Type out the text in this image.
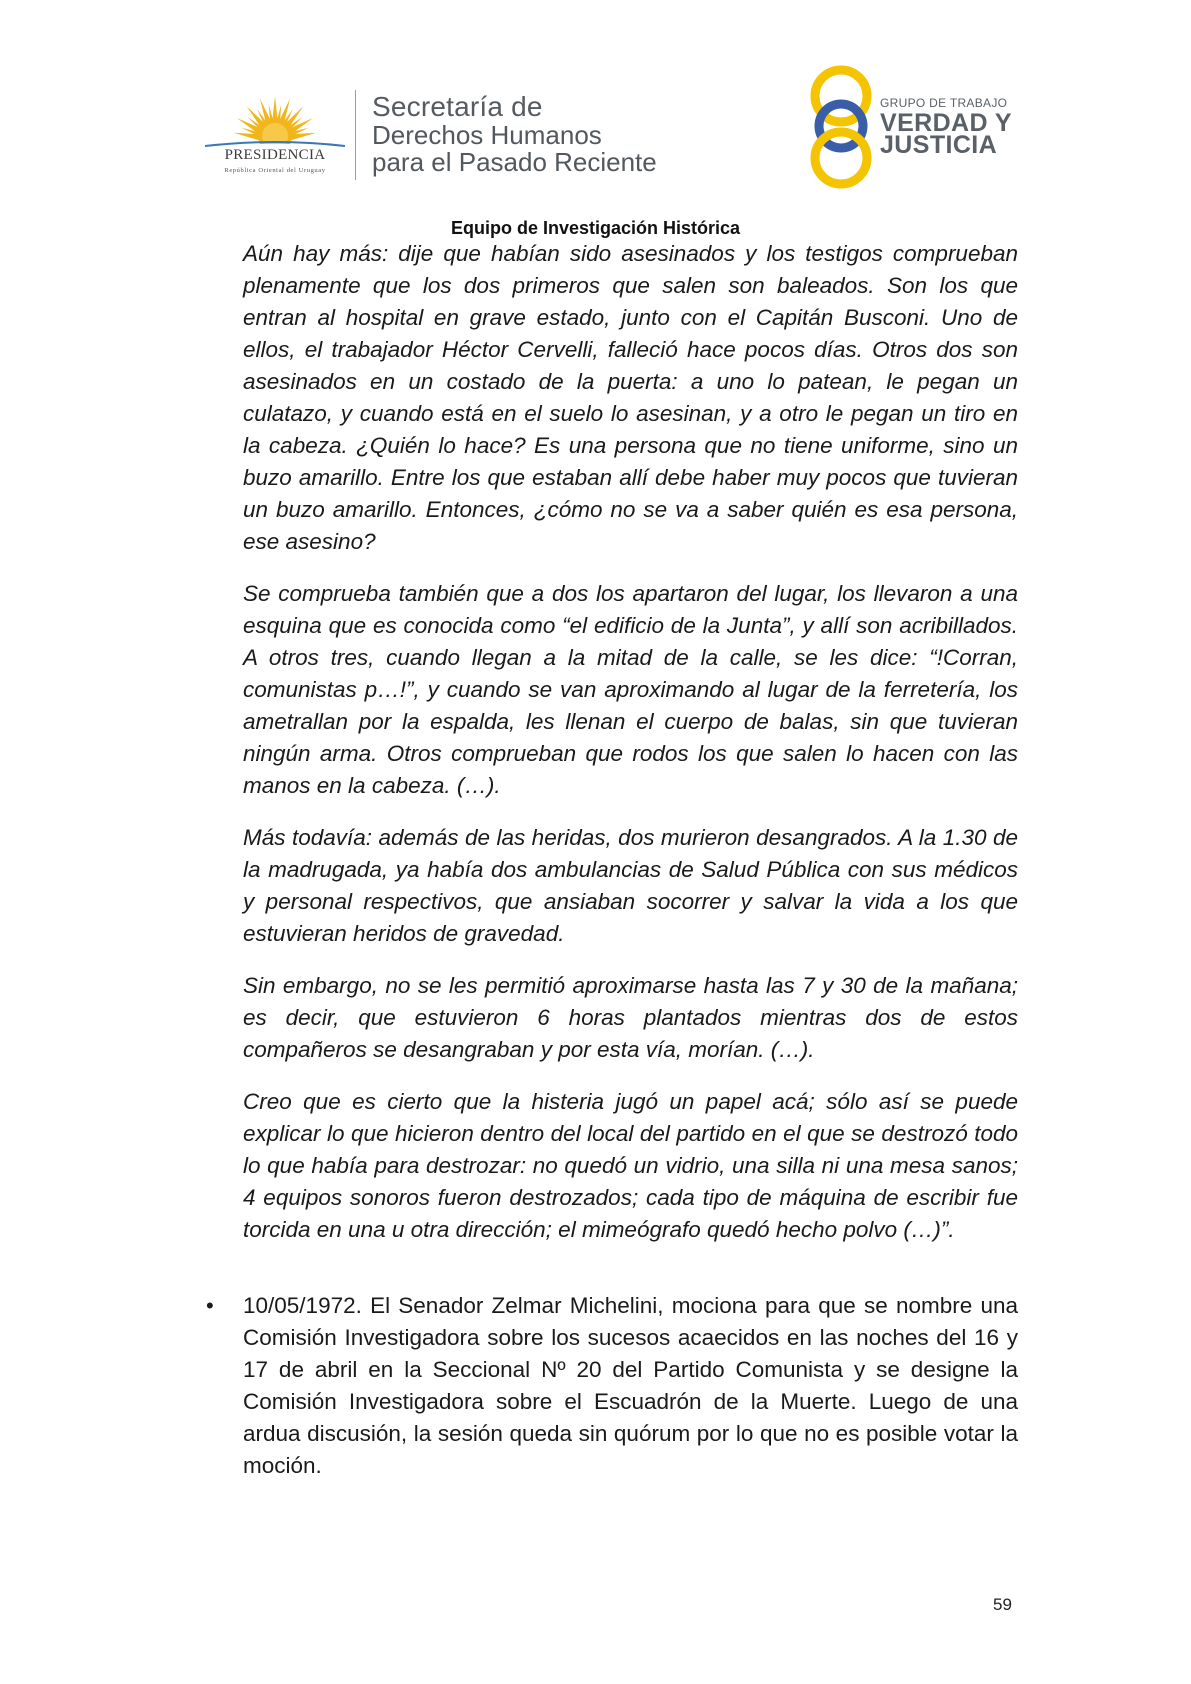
PRESIDENCIA
República Oriental del Uruguay
Secretaría de
Derechos Humanos
para el Pasado Reciente
GRUPO DE TRABAJO
VERDAD Y
JUSTICIA
Equipo de Investigación Histórica

Aún hay más: dije que habían sido asesinados y los testigos comprueban plenamente que los dos primeros que salen son baleados. Son los que entran al hospital en grave estado, junto con el Capitán Busconi. Uno de ellos, el trabajador Héctor Cervelli, falleció hace pocos días. Otros dos son asesinados en un costado de la puerta: a uno lo patean, le pegan un culatazo, y cuando está en el suelo lo asesinan, y a otro le pegan un tiro en la cabeza. ¿Quién lo hace? Es una persona que no tiene uniforme, sino un buzo amarillo. Entre los que estaban allí debe haber muy pocos que tuvieran un buzo amarillo. Entonces, ¿cómo no se va a saber quién es esa persona, ese asesino?

Se comprueba también que a dos los apartaron del lugar, los llevaron a una esquina que es conocida como “el edificio de la Junta”, y allí son acribillados. A otros tres, cuando llegan a la mitad de la calle, se les dice: “!Corran, comunistas p…!”, y cuando se van aproximando al lugar de la ferretería, los ametrallan por la espalda, les llenan el cuerpo de balas, sin que tuvieran ningún arma. Otros comprueban que rodos los que salen lo hacen con las manos en la cabeza. (…).

Más todavía: además de las heridas, dos murieron desangrados. A la 1.30 de la madrugada, ya había dos ambulancias de Salud Pública con sus médicos y personal respectivos, que ansiaban socorrer y salvar la vida a los que estuvieran heridos de gravedad.

Sin embargo, no se les permitió aproximarse hasta las 7 y 30 de la mañana; es decir, que estuvieron 6 horas plantados mientras dos de estos compañeros se desangraban y por esta vía, morían. (…).

Creo que es cierto que la histeria jugó un papel acá; sólo así se puede explicar lo que hicieron dentro del local del partido en el que se destrozó todo lo que había para destrozar: no quedó un vidrio, una silla ni una mesa sanos; 4 equipos sonoros fueron destrozados; cada tipo de máquina de escribir fue torcida en una u otra dirección; el mimeógrafo quedó hecho polvo (…)”.

• 10/05/1972. El Senador Zelmar Michelini, mociona para que se nombre una Comisión Investigadora sobre los sucesos acaecidos en las noches del 16 y 17 de abril en la Seccional Nº 20 del Partido Comunista y se designe la Comisión Investigadora sobre el Escuadrón de la Muerte. Luego de una ardua discusión, la sesión queda sin quórum por lo que no es posible votar la moción.
59
